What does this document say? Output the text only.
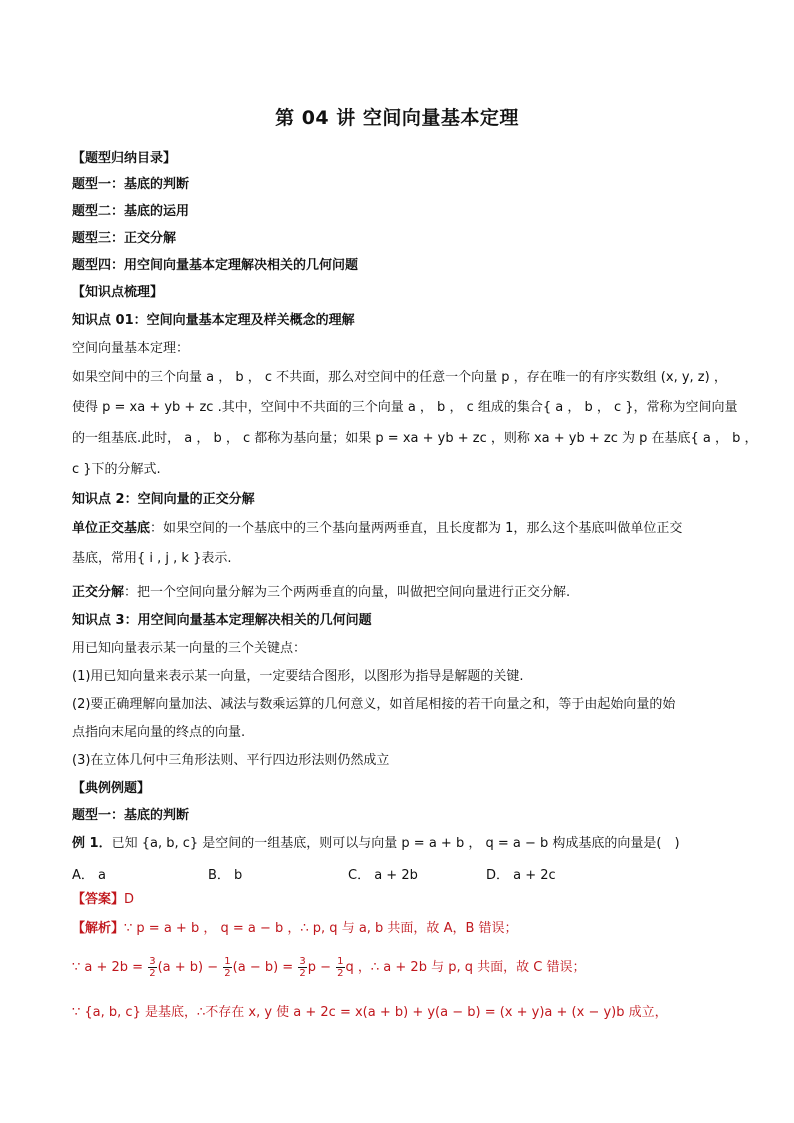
第 04 讲 空间向量基本定理
【题型归纳目录】
题型一：基底的判断
题型二：基底的运用
题型三：正交分解
题型四：用空间向量基本定理解决相关的几何问题
【知识点梳理】
知识点 01：空间向量基本定理及样关概念的理解
空间向量基本定理：
如果空间中的三个向量 a ， b ， c 不共面，那么对空间中的任意一个向量 p ，存在唯一的有序实数组 (x, y, z) ，
使得 p = xa + yb + zc .其中，空间中不共面的三个向量 a ， b ， c 组成的集合{ a ， b ， c }，常称为空间向量
的一组基底.此时， a ， b ， c 都称为基向量；如果 p = xa + yb + zc ，则称 xa + yb + zc 为 p 在基底{ a ， b ，
c }下的分解式.
知识点 2：空间向量的正交分解
单位正交基底：如果空间的一个基底中的三个基向量两两垂直，且长度都为 1，那么这个基底叫做单位正交
基底，常用{ i , j , k }表示.
正交分解：把一个空间向量分解为三个两两垂直的向量，叫做把空间向量进行正交分解.
知识点 3：用空间向量基本定理解决相关的几何问题
用已知向量表示某一向量的三个关键点：
(1)用已知向量来表示某一向量，一定要结合图形，以图形为指导是解题的关键.
(2)要正确理解向量加法、减法与数乘运算的几何意义，如首尾相接的若干向量之和，等于由起始向量的始
点指向末尾向量的终点的向量.
(3)在立体几何中三角形法则、平行四边形法则仍然成立
【典例例题】
题型一：基底的判断
例 1．已知 {a, b, c} 是空间的一组基底，则可以与向量 p = a + b ， q = a − b 构成基底的向量是(　)
A． a	B． b	C． a + 2b	D． a + 2c
【答案】D
【解析】∵ p = a + b ， q = a − b ，∴ p, q 与 a, b 共面，故 A，B 错误；
∵ $a + 2b = \frac{3}{2} (a + b) - \frac{1}{2} (a - b) = \frac{3}{2}$ $p - \frac{1}{2}$ q ，∴ a + 2b 与 p, q 共面，故 C 错误；
∵ {a, b, c} 是基底，∴不存在 x, y 使 a + 2c = x(a + b) + y(a − b) = (x + y)a + (x − y)b 成立，
